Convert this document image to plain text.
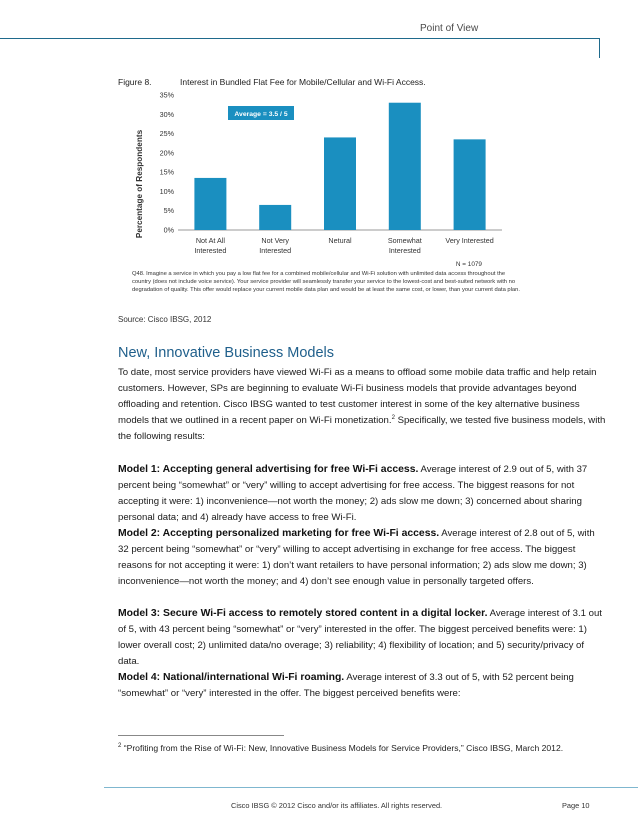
Point of View
Figure 8.	Interest in Bundled Flat Fee for Mobile/Cellular and Wi-Fi Access.
0%
5%
10%
15%
20%
25%
30%
35%
Not At All Interested
Not Very Interested
Netural	Somewhat Interested
Very Interested
Percentage of Respondents
Average = 3.5 / 5
N = 1079
Q48. Imagine a service in which you pay a low flat fee for a combined mobile/cellular and Wi-Fi solution with unlimited data access throughout the country (does not include voice service). Your service provider will seamlessly transfer your service to the lowest-cost and best-suited network with no degradation of quality. This offer would replace your current mobile data plan and would be at least the same cost, or lower, than your current data plan.
Source: Cisco IBSG, 2012
New, Innovative Business Models

To date, most service providers have viewed Wi-Fi as a means to offload some mobile data traffic and help retain customers. However, SPs are beginning to evaluate Wi-Fi business models that provide advantages beyond offloading and retention. Cisco IBSG wanted to test customer interest in some of the key alternative business models that we outlined in a recent paper on Wi-Fi monetization.$^2$ Specifically, we tested five business models, with the following results:

Model 1: Accepting general advertising for free Wi-Fi access. Average interest of 2.9 out of 5, with 37 percent being “somewhat” or “very” willing to accept advertising for free access. The biggest reasons for not accepting it were: 1) inconvenience—not worth the money; 2) ads slow me down; 3) concerned about sharing personal data; and 4) already have access to free Wi-Fi.

Model 2: Accepting personalized marketing for free Wi-Fi access. Average interest of 2.8 out of 5, with 32 percent being “somewhat” or “very” willing to accept advertising in exchange for free access. The biggest reasons for not accepting it were: 1) don’t want retailers to have personal information; 2) ads slow me down; 3) inconvenience—not worth the money; and 4) don’t see enough value in personally targeted offers.

Model 3: Secure Wi-Fi access to remotely stored content in a digital locker. Average interest of 3.1 out of 5, with 43 percent being “somewhat” or “very” interested in the offer. The biggest perceived benefits were: 1) lower overall cost; 2) unlimited data/no overage; 3) reliability; 4) flexibility of location; and 5) security/privacy of data.

Model 4: National/international Wi-Fi roaming. Average interest of 3.3 out of 5, with 52 percent being “somewhat” or “very” interested in the offer. The biggest perceived benefits were:

$^2$ “Profiting from the Rise of Wi-Fi: New, Innovative Business Models for Service Providers,” Cisco IBSG, March 2012.
Cisco IBSG © 2012 Cisco and/or its affiliates. All rights reserved.	Page 10
